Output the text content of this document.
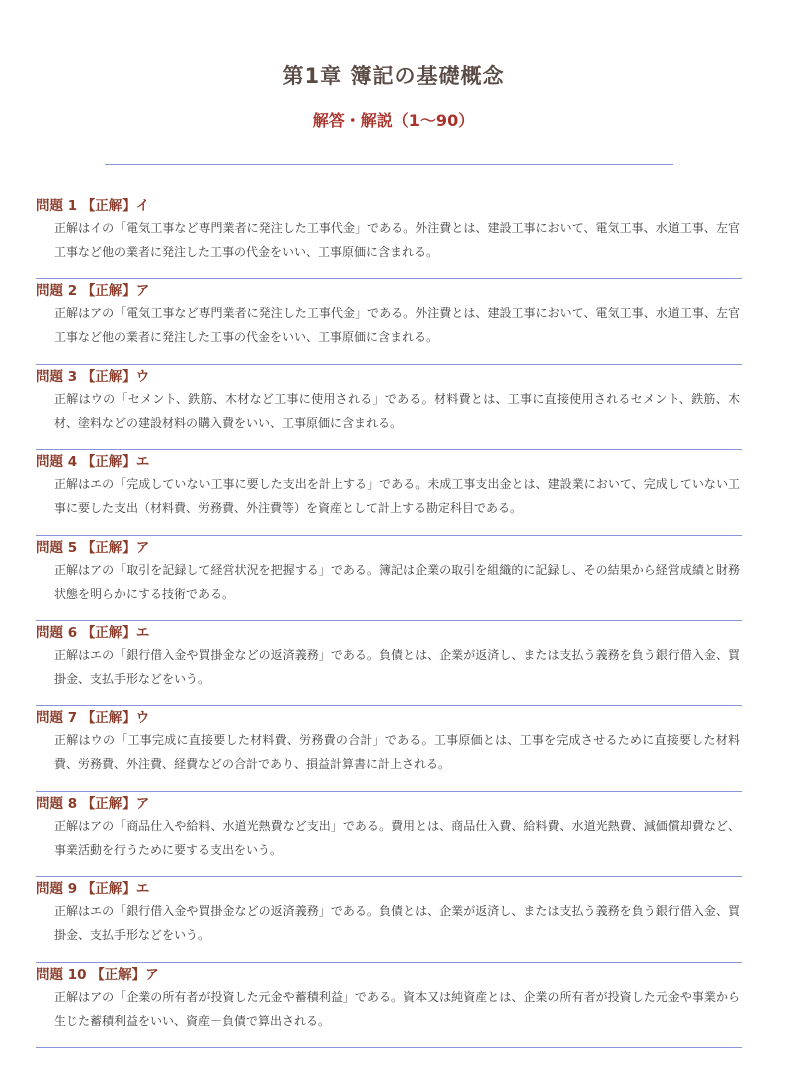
第1章 簿記の基礎概念
解答・解説（1～90）
問題 1 【正解】イ
正解はイの「電気工事など専門業者に発注した工事代金」である。外注費とは、建設工事において、電気工事、水道工事、左官工事など他の業者に発注した工事の代金をいい、工事原価に含まれる。
問題 2 【正解】ア
正解はアの「電気工事など専門業者に発注した工事代金」である。外注費とは、建設工事において、電気工事、水道工事、左官工事など他の業者に発注した工事の代金をいい、工事原価に含まれる。
問題 3 【正解】ウ
正解はウの「セメント、鉄筋、木材など工事に使用される」である。材料費とは、工事に直接使用されるセメント、鉄筋、木材、塗料などの建設材料の購入費をいい、工事原価に含まれる。
問題 4 【正解】エ
正解はエの「完成していない工事に要した支出を計上する」である。未成工事支出金とは、建設業において、完成していない工事に要した支出（材料費、労務費、外注費等）を資産として計上する勘定科目である。
問題 5 【正解】ア
正解はアの「取引を記録して経営状況を把握する」である。簿記は企業の取引を組織的に記録し、その結果から経営成績と財務状態を明らかにする技術である。
問題 6 【正解】エ
正解はエの「銀行借入金や買掛金などの返済義務」である。負債とは、企業が返済し、または支払う義務を負う銀行借入金、買掛金、支払手形などをいう。
問題 7 【正解】ウ
正解はウの「工事完成に直接要した材料費、労務費の合計」である。工事原価とは、工事を完成させるために直接要した材料費、労務費、外注費、経費などの合計であり、損益計算書に計上される。
問題 8 【正解】ア
正解はアの「商品仕入や給料、水道光熱費など支出」である。費用とは、商品仕入費、給料費、水道光熱費、減価償却費など、事業活動を行うために要する支出をいう。
問題 9 【正解】エ
正解はエの「銀行借入金や買掛金などの返済義務」である。負債とは、企業が返済し、または支払う義務を負う銀行借入金、買掛金、支払手形などをいう。
問題 10 【正解】ア
正解はアの「企業の所有者が投資した元金や蓄積利益」である。資本又は純資産とは、企業の所有者が投資した元金や事業から生じた蓄積利益をいい、資産－負債で算出される。
